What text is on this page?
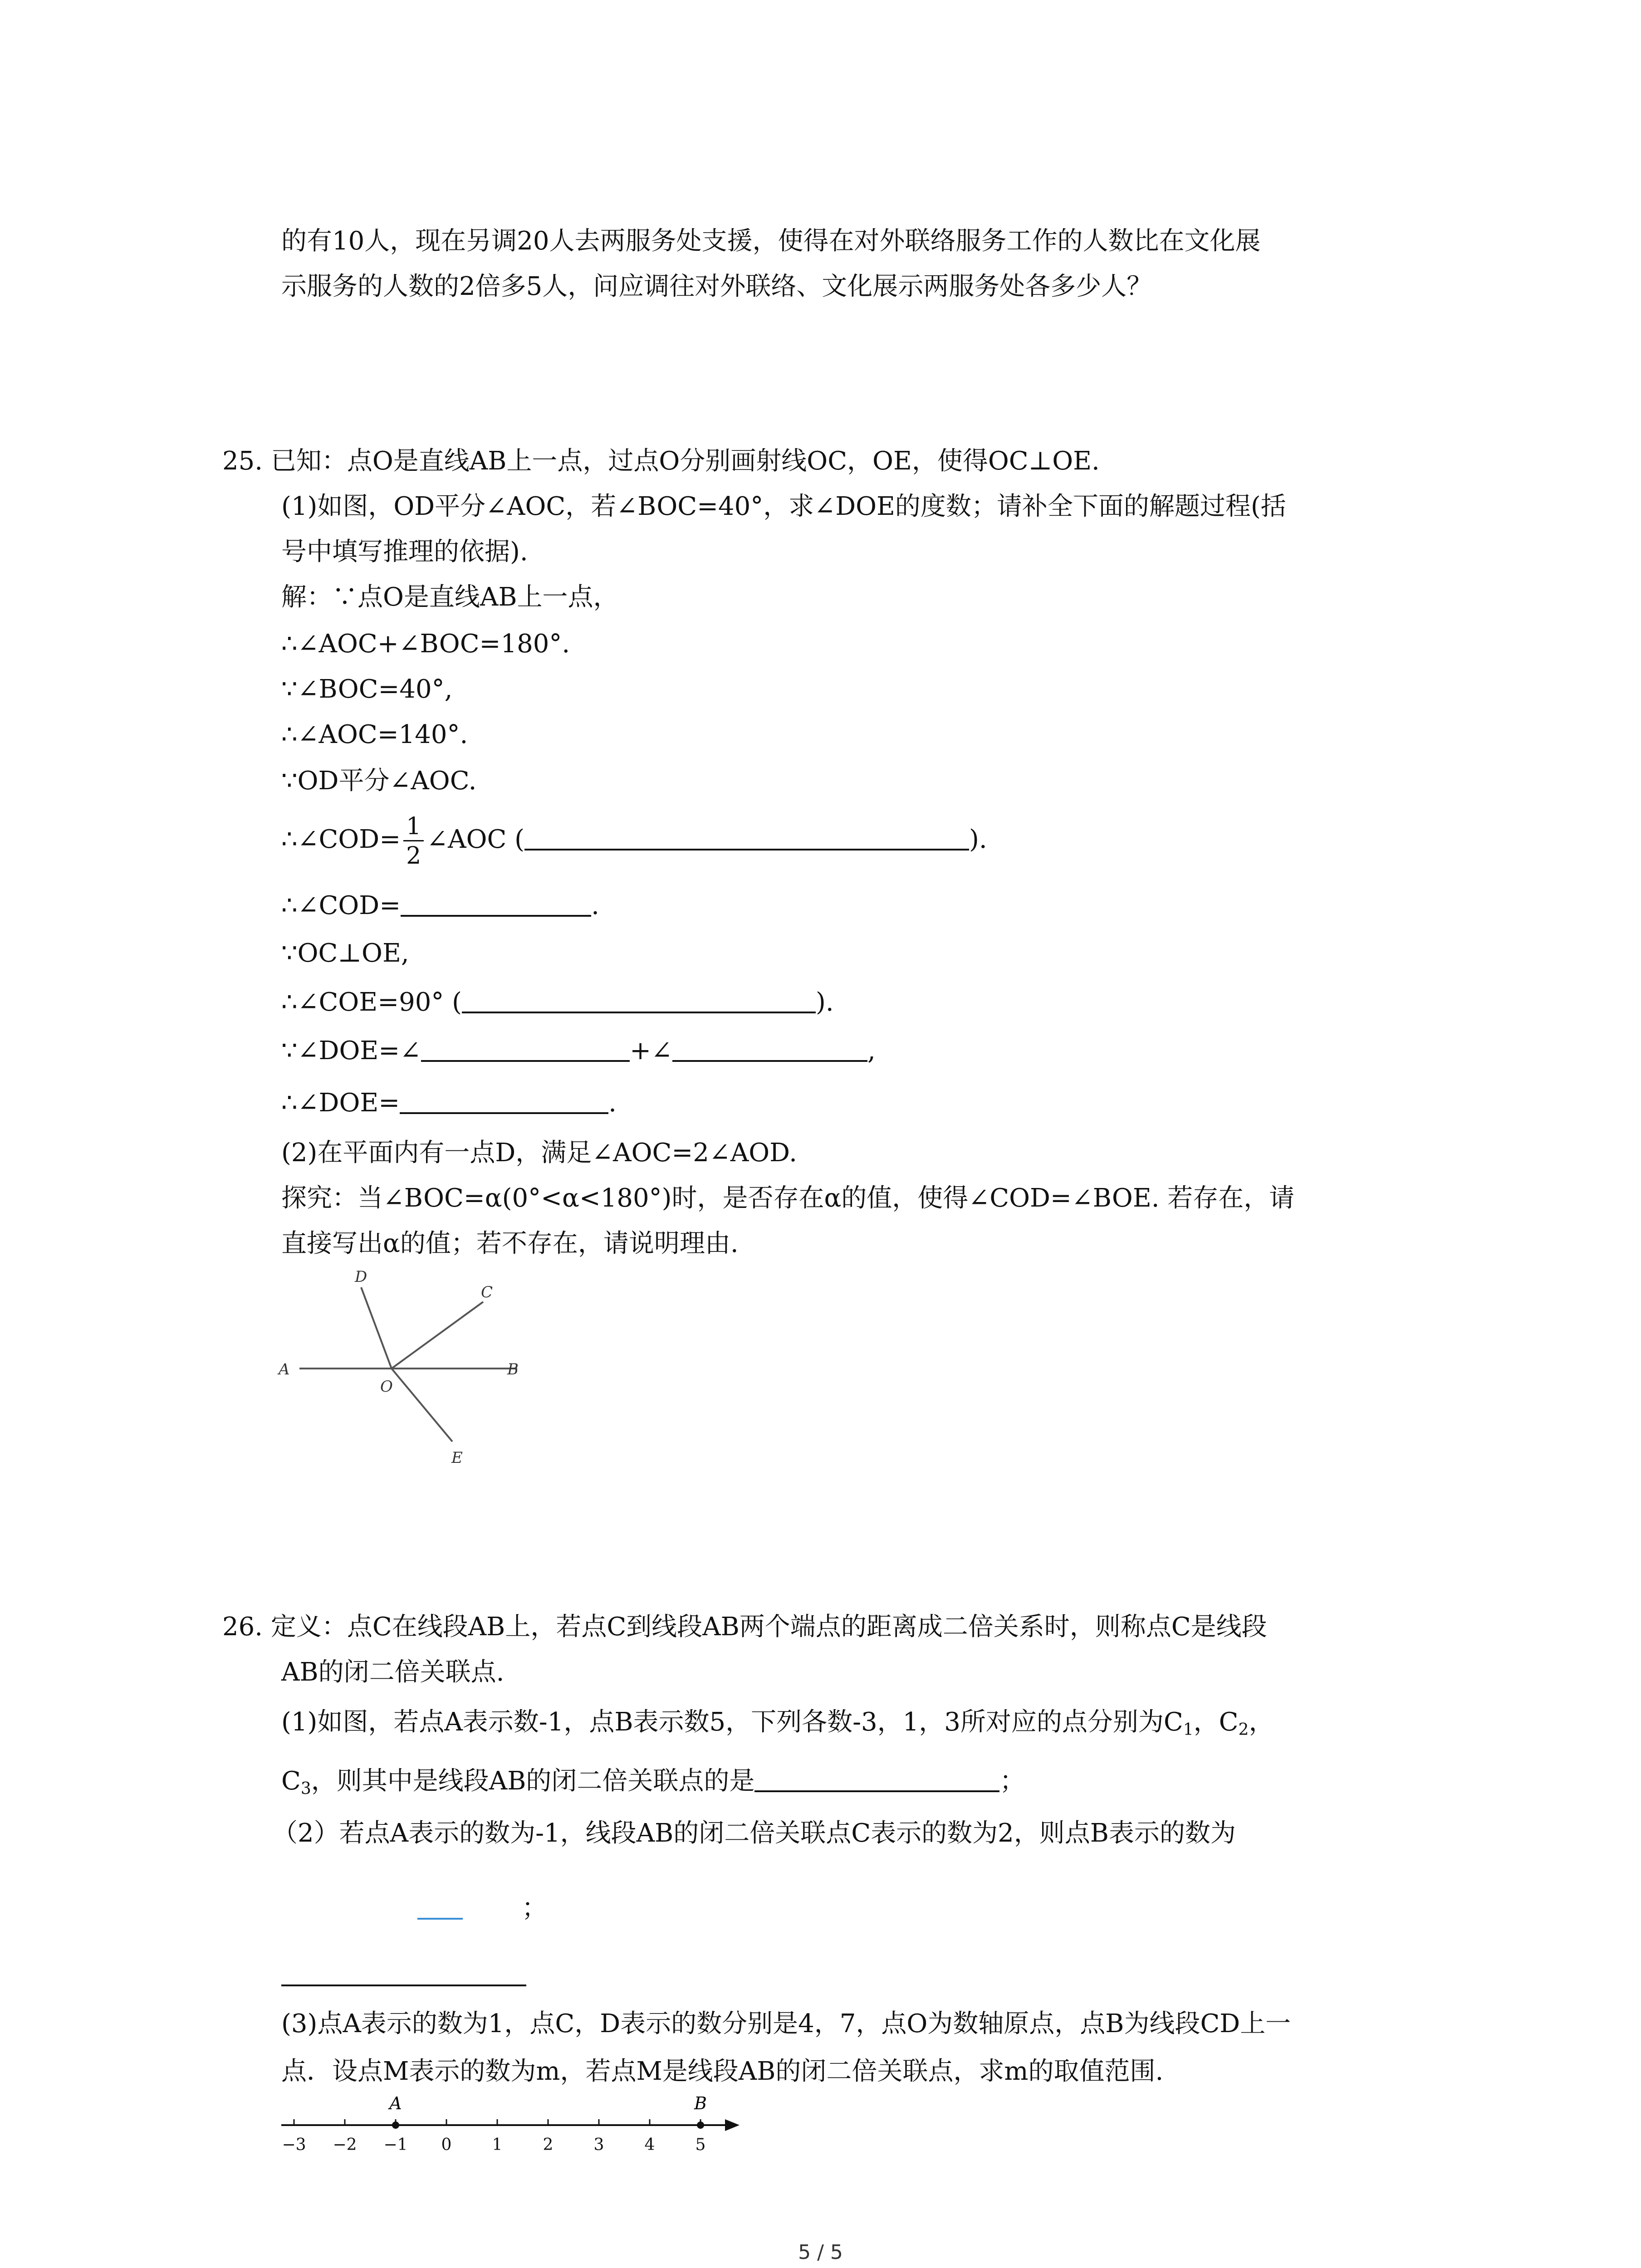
的有10人，现在另调20人去两服务处支援，使得在对外联络服务工作的人数比在文化展
示服务的人数的2倍多5人，问应调往对外联络、文化展示两服务处各多少人？
25. 已知：点O是直线AB上一点，过点O分别画射线OC，OE，使得OC⊥OE.
(1)如图，OD平分∠AOC，若∠BOC=40°，求∠DOE的度数；请补全下面的解题过程(括
号中填写推理的依据).
解：∵点O是直线AB上一点，
∴∠AOC+∠BOC=180°.
∵∠BOC=40°,
∴∠AOC=140°.
∵OD平分∠AOC.
∴∠COD= $\frac{1}{2}$ ∠AOC (	).
∴∠COD=	.
∵OC⊥OE,
∴∠COE=90° (	).
∵∠DOE=∠	+∠	,
∴∠DOE=	.
(2)在平面内有一点D，满足∠AOC=2∠AOD.
探究：当∠BOC=α(0°<α<180°)时，是否存在α的值，使得∠COD=∠BOE. 若存在，请
直接写出α的值；若不存在，请说明理由.
D
C
A
O
B
E
26. 定义：点C在线段AB上，若点C到线段AB两个端点的距离成二倍关系时，则称点C是线段
AB的闭二倍关联点.
(1)如图，若点A表示数-1，点B表示数5，下列各数-3，1，3所对应的点分别为$C_1$，$C_2$，
$C_3$，则其中是线段AB的闭二倍关联点的是	；
（2）若点A表示的数为-1，线段AB的闭二倍关联点C表示的数为2，则点B表示的数为
；
(3)点A表示的数为1，点C，D表示的数分别是4，7，点O为数轴原点，点B为线段CD上一
点．设点M表示的数为m，若点M是线段AB的闭二倍关联点，求m的取值范围.
−3 −2 −1 0 1 2 3 4 5
A	B
5 / 5
